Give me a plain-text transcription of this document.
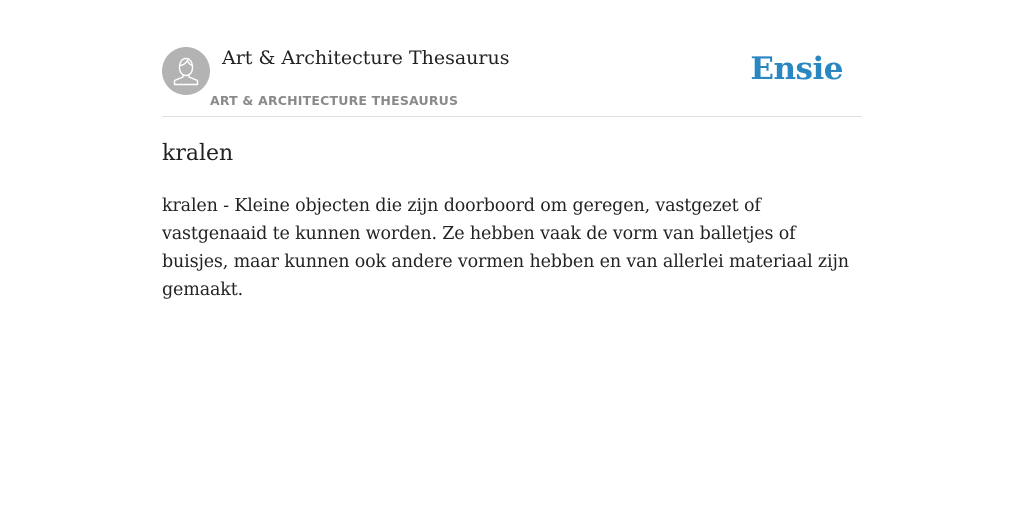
Art & Architecture Thesaurus
ART & ARCHITECTURE THESAURUS
Ensie
kralen

kralen - Kleine objecten die zijn doorboord om geregen, vastgezet of vastgenaaid te kunnen worden. Ze hebben vaak de vorm van balletjes of buisjes, maar kunnen ook andere vormen hebben en van allerlei materiaal zijn gemaakt.
